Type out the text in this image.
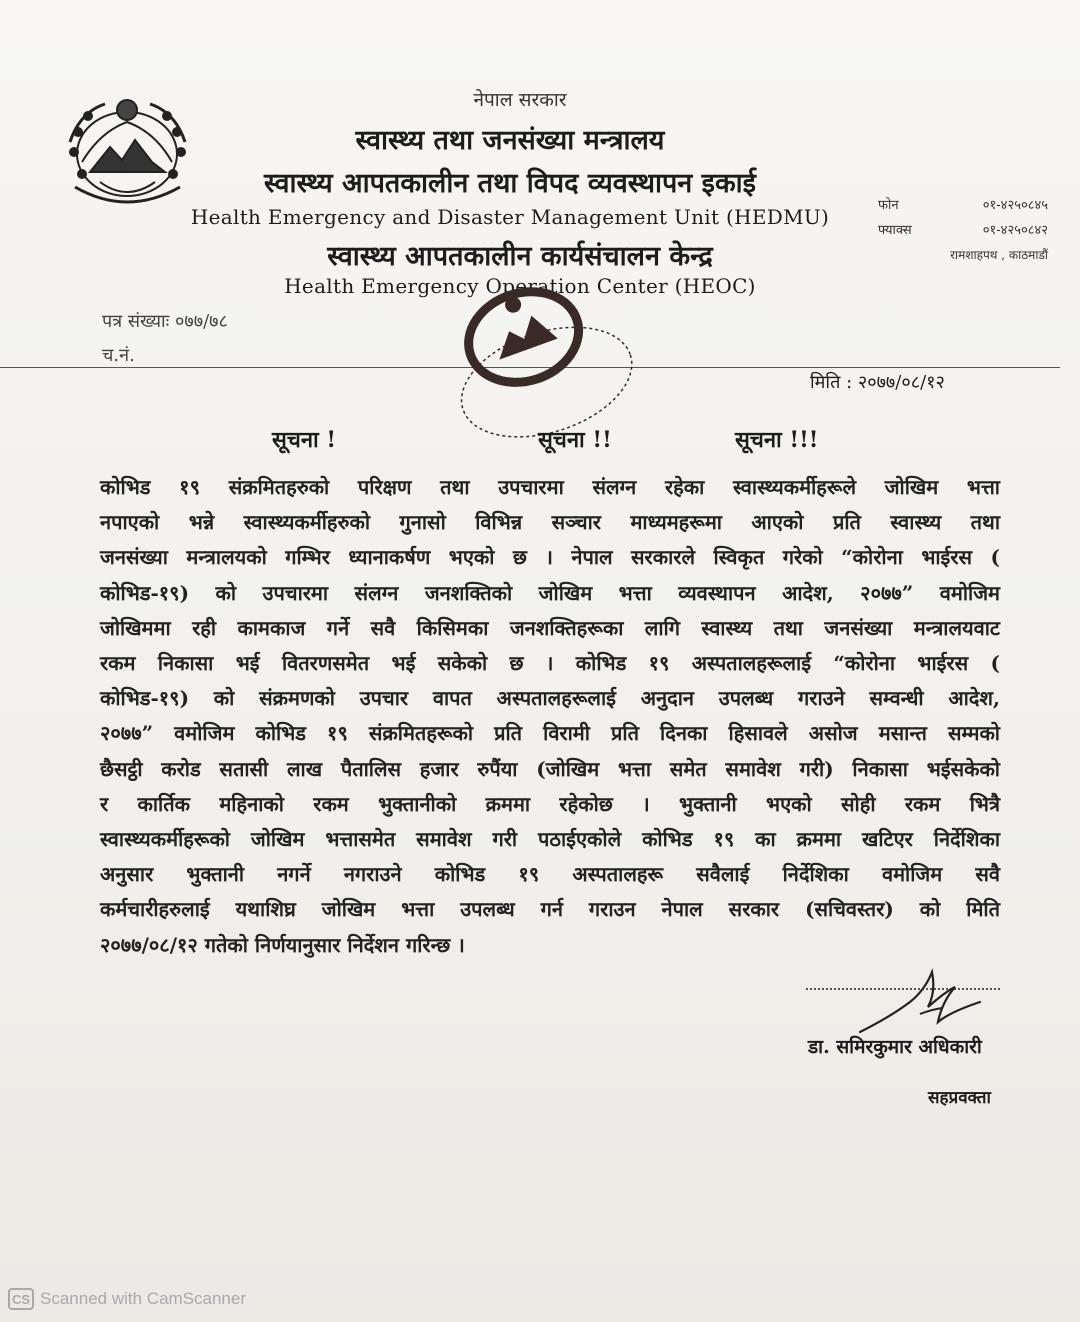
नेपाल सरकार
स्वास्थ्य तथा जनसंख्या मन्त्रालय
स्वास्थ्य आपतकालीन तथा विपद व्यवस्थापन इकाई
Health Emergency and Disaster Management Unit (HEDMU)
स्वास्थ्य आपतकालीन कार्यसंचालन केन्द्र
Health Emergency Operation Center (HEOC)
फोन	०१-४२५०८४५
फ्याक्स	०१-४२५०८४२
रामशाहपथ , काठमाडौं
पत्र संख्याः ०७७/७८
च.नं.
मिति : २०७७/०८/१२
सूचना !	सूचना !!	सूचना !!!
कोभिड १९ संक्रमितहरुको परिक्षण तथा उपचारमा संलग्न रहेका स्वास्थ्यकर्मीहरूले जोखिम भत्ता
नपाएको भन्ने स्वास्थ्यकर्मीहरुको गुनासो विभिन्न सञ्चार माध्यमहरूमा आएको प्रति स्वास्थ्य तथा
जनसंख्या मन्त्रालयको गम्भिर ध्यानाकर्षण भएको छ । नेपाल सरकारले स्विकृत गरेको “कोरोना भाईरस (
कोभिड-१९) को उपचारमा संलग्न जनशक्तिको जोखिम भत्ता व्यवस्थापन आदेश, २०७७” वमोजिम
जोखिममा रही कामकाज गर्ने सवै किसिमका जनशक्तिहरूका लागि स्वास्थ्य तथा जनसंख्या मन्त्रालयवाट
रकम निकासा भई वितरणसमेत भई सकेको छ । कोभिड १९ अस्पतालहरूलाई “कोरोना भाईरस (
कोभिड-१९) को संक्रमणको उपचार वापत अस्पतालहरूलाई अनुदान उपलब्ध गराउने सम्वन्धी आदेश,
२०७७” वमोजिम कोभिड १९ संक्रमितहरूको प्रति विरामी प्रति दिनका हिसावले असोज मसान्त सम्मको
छैसट्ठी करोड सतासी लाख पैतालिस हजार रुपैंया (जोखिम भत्ता समेत समावेश गरी) निकासा भईसकेको
र कार्तिक महिनाको रकम भुक्तानीको क्रममा रहेकोछ । भुक्तानी भएको सोही रकम भित्रै
स्वास्थ्यकर्मीहरूको जोखिम भत्तासमेत समावेश गरी पठाईएकोले कोभिड १९ का क्रममा खटिएर निर्देशिका
अनुसार भुक्तानी नगर्ने नगराउने कोभिड १९ अस्पतालहरू सवैलाई निर्देशिका वमोजिम सवै
कर्मचारीहरुलाई यथाशिघ्र जोखिम भत्ता उपलब्ध गर्न गराउन नेपाल सरकार (सचिवस्तर) को मिति
२०७७/०८/१२ गतेको निर्णयानुसार निर्देशन गरिन्छ ।
डा. समिरकुमार अधिकारी
सहप्रवक्ता
CS Scanned with CamScanner
